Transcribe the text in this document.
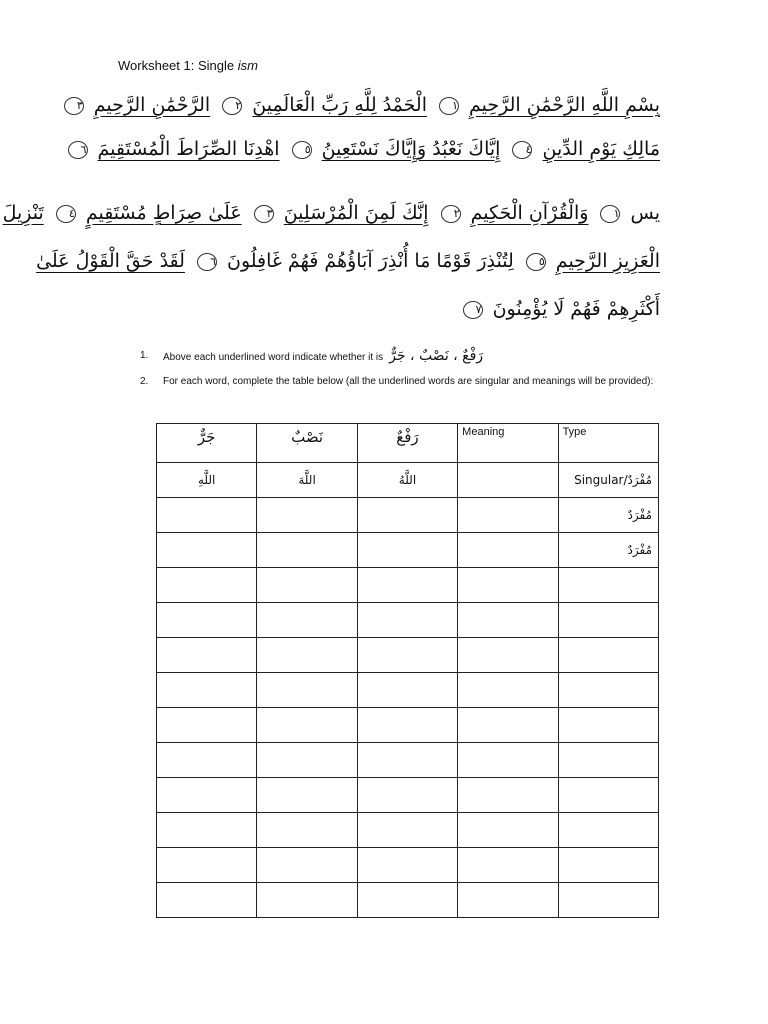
Worksheet 1: Single ism
بِسْمِ اللَّهِ الرَّحْمَٰنِ الرَّحِيمِ١ الْحَمْدُ لِلَّهِ رَبِّ الْعَالَمِينَ٢ الرَّحْمَٰنِ الرَّحِيمِ٣
مَالِكِ يَوْمِ الدِّينِ٤ إِيَّاكَ نَعْبُدُ وَإِيَّاكَ نَسْتَعِينُ٥ اهْدِنَا الصِّرَاطَ الْمُسْتَقِيمَ٦
يس١ وَالْقُرْآنِ الْحَكِيمِ٢ إِنَّكَ لَمِنَ الْمُرْسَلِينَ٣ عَلَىٰ صِرَاطٍ مُسْتَقِيمٍ٤ تَنْزِيلَ
الْعَزِيزِ الرَّحِيمِ٥ لِتُنْذِرَ قَوْمًا مَا أُنْذِرَ آبَاؤُهُمْ فَهُمْ غَافِلُونَ٦ لَقَدْ حَقَّ الْقَوْلُ عَلَىٰ
أَكْثَرِهِمْ فَهُمْ لَا يُؤْمِنُونَ٧
1.	Above each underlined word indicate whether it is رَفْعٌ ، نَصْبٌ ، جَرٌّ
2.	For each word, complete the table below (all the underlined words are singular and meanings will be provided):
جَرٌّ	نَصْبٌ	رَفْعٌ	Meaning	Type
اللَّهِ	اللَّهَ	اللَّهُ		Singular/مُفْرَدٌ
				مُفْرَدٌ
				مُفْرَدٌ
